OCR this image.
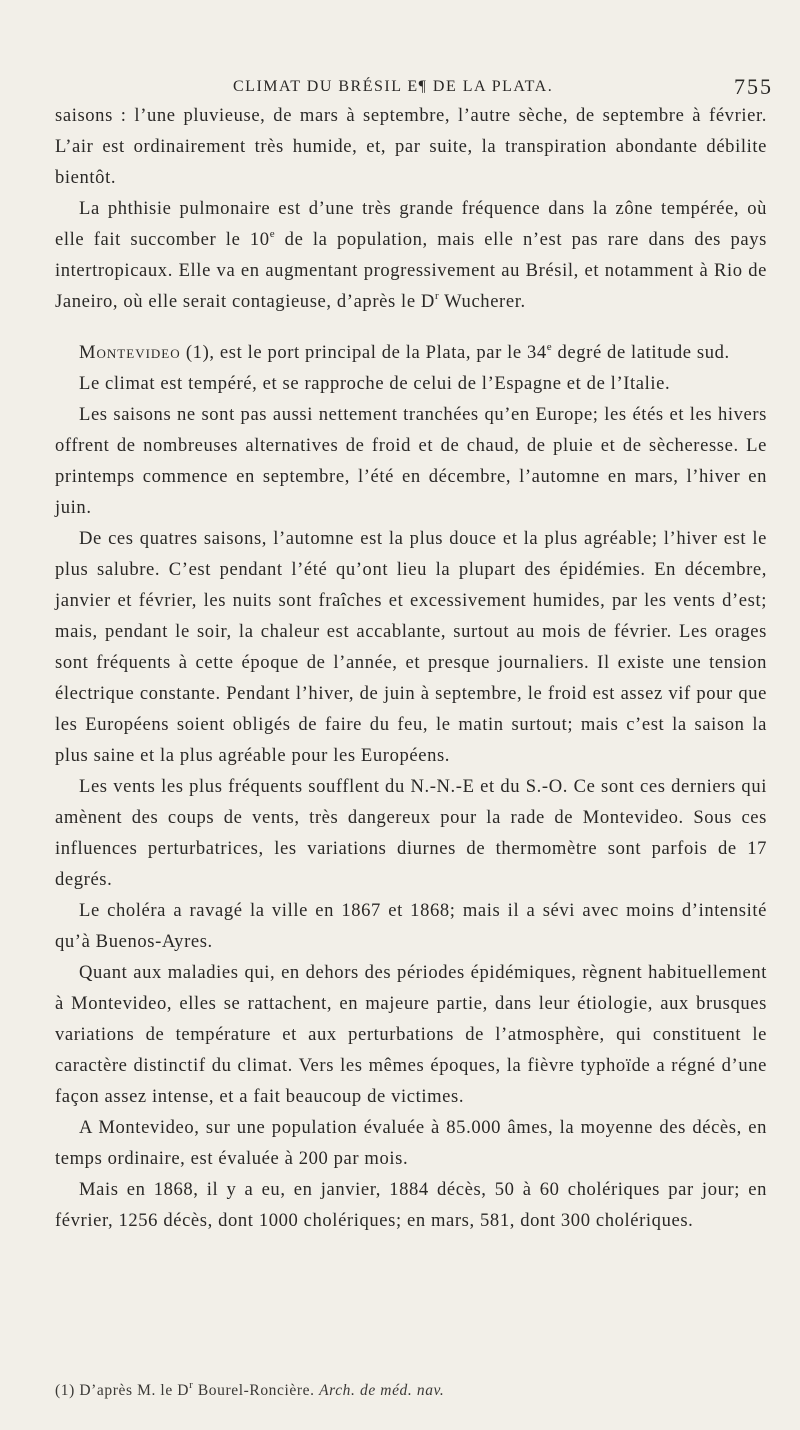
CLIMAT DU BRÉSIL E¶ DE LA PLATA.	755

saisons : l’une pluvieuse, de mars à septembre, l’autre sèche, de septembre à février. L’air est ordinairement très humide, et, par suite, la transpiration abondante débilite bientôt.

La phthisie pulmonaire est d’une très grande fréquence dans la zône tempérée, où elle fait succomber le 10e de la population, mais elle n’est pas rare dans des pays intertropicaux. Elle va en augmentant progressivement au Brésil, et notamment à Rio de Janeiro, où elle serait contagieuse, d’après le $D^r$ Wucherer.

Montevideo (1), est le port principal de la Plata, par le 34e degré de latitude sud.

Le climat est tempéré, et se rapproche de celui de l’Espagne et de l’Italie.

Les saisons ne sont pas aussi nettement tranchées qu’en Europe; les étés et les hivers offrent de nombreuses alternatives de froid et de chaud, de pluie et de sècheresse. Le printemps commence en septembre, l’été en décembre, l’automne en mars, l’hiver en juin.

De ces quatres saisons, l’automne est la plus douce et la plus agréable; l’hiver est le plus salubre. C’est pendant l’été qu’ont lieu la plupart des épidémies. En décembre, janvier et février, les nuits sont fraîches et excessivement humides, par les vents d’est; mais, pendant le soir, la chaleur est accablante, surtout au mois de février. Les orages sont fréquents à cette époque de l’année, et presque journaliers. Il existe une tension électrique constante. Pendant l’hiver, de juin à septembre, le froid est assez vif pour que les Européens soient obligés de faire du feu, le matin surtout; mais c’est la saison la plus saine et la plus agréable pour les Européens.

Les vents les plus fréquents soufflent du N.-N.-E et du S.-O. Ce sont ces derniers qui amènent des coups de vents, très dangereux pour la rade de Montevideo. Sous ces influences perturbatrices, les variations diurnes de thermomètre sont parfois de 17 degrés.

Le choléra a ravagé la ville en 1867 et 1868; mais il a sévi avec moins d’intensité qu’à Buenos-Ayres.

Quant aux maladies qui, en dehors des périodes épidémiques, règnent habituellement à Montevideo, elles se rattachent, en majeure partie, dans leur étiologie, aux brusques variations de température et aux perturbations de l’atmosphère, qui constituent le caractère distinctif du climat. Vers les mêmes époques, la fièvre typhoïde a régné d’une façon assez intense, et a fait beaucoup de victimes.

A Montevideo, sur une population évaluée à 85.000 âmes, la moyenne des décès, en temps ordinaire, est évaluée à 200 par mois.

Mais en 1868, il y a eu, en janvier, 1884 décès, 50 à 60 cholériques par jour; en février, 1256 décès, dont 1000 cholériques; en mars, 581, dont 300 cholériques.

(1) D’après M. le $D^r$ Bourel-Roncière. Arch. de méd. nav.
